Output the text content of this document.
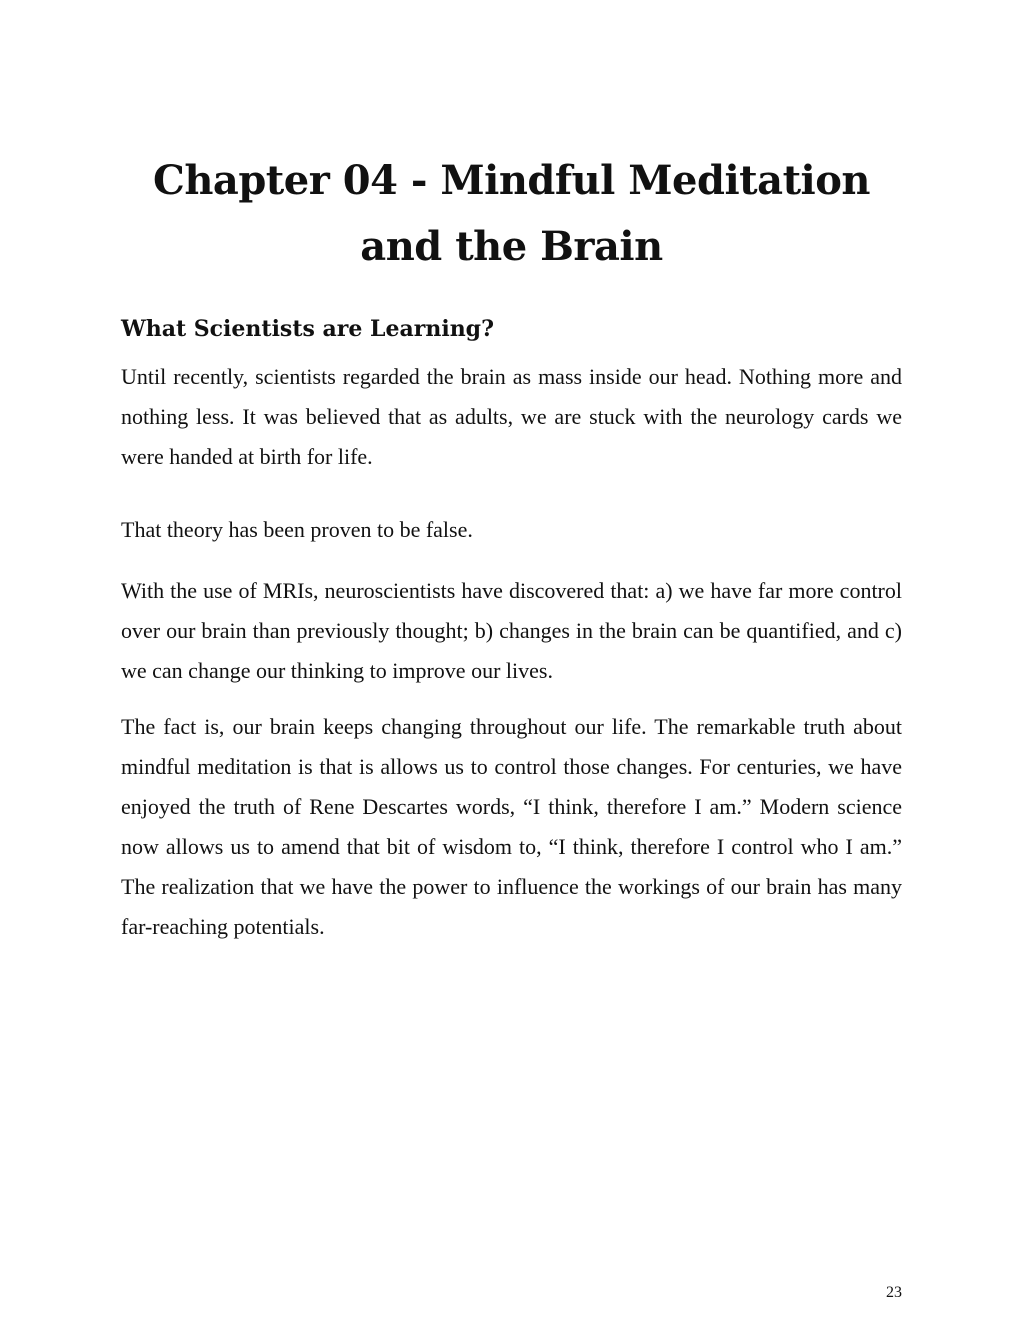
Chapter 04 - Mindful Meditation and the Brain
What Scientists are Learning?

Until recently, scientists regarded the brain as mass inside our head. Nothing more and nothing less. It was believed that as adults, we are stuck with the neurology cards we were handed at birth for life.

That theory has been proven to be false.

With the use of MRIs, neuroscientists have discovered that: a) we have far more control over our brain than previously thought; b) changes in the brain can be quantified, and c) we can change our thinking to improve our lives.

The fact is, our brain keeps changing throughout our life. The remarkable truth about mindful meditation is that is allows us to control those changes. For centuries, we have enjoyed the truth of Rene Descartes words, “I think, therefore I am.” Modern science now allows us to amend that bit of wisdom to, “I think, therefore I control who I am.” The realization that we have the power to influence the workings of our brain has many far-reaching potentials.

23
